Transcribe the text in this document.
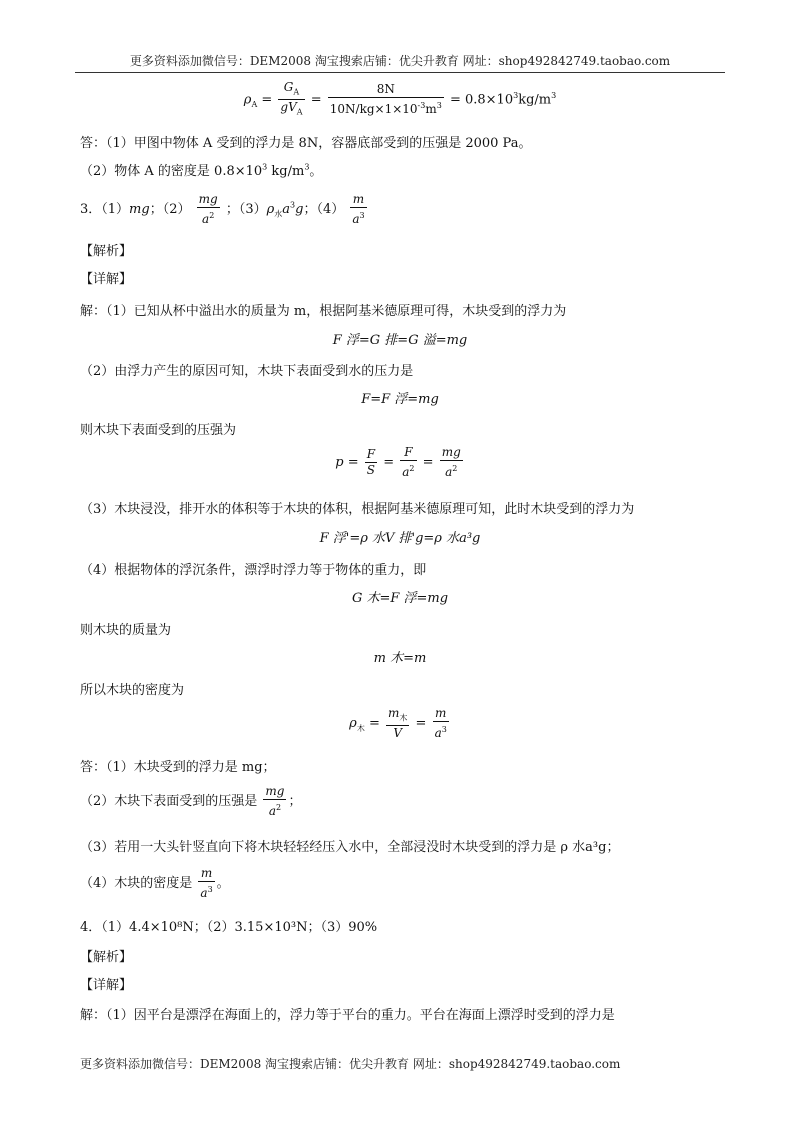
更多资料添加微信号：DEM2008 淘宝搜索店铺：优尖升教育 网址：shop492842749.taobao.com
$\rho_A = \frac{G_A}{gV_A} = \frac{8N}{10N/kg\times 1\times 10^{-3}m^3} = 0.8\times 10^3kg/m^3$
答：（1）甲图中物体 A 受到的浮力是 8N，容器底部受到的压强是 2000 Pa。
（2）物体 A 的密度是 $0.8\times 10^3$ $kg/m^3$。
3．（1）mg；$(2) \frac{mg}{a^2}$ ；$(3)\rho_水a^3g$；$(4) \frac{m}{a^3}$
【解析】
【详解】
解：（1）已知从杯中溢出水的质量为 m，根据阿基米德原理可得，木块受到的浮力为
F 浮=G 排=G 溢=mg
（2）由浮力产生的原因可知，木块下表面受到水的压力是
F=F 浮=mg
则木块下表面受到的压强为
$p = \frac{F}{S} = \frac{F}{a^2} = \frac{mg}{a^2}$
（3）木块浸没，排开水的体积等于木块的体积，根据阿基米德原理可知，此时木块受到的浮力为
F 浮'=ρ 水V 排'g=ρ 水a³g
（4）根据物体的浮沉条件，漂浮时浮力等于物体的重力，即
G 木=F 浮=mg
则木块的质量为
m 木=m
所以木块的密度为
$\rho_木 = \frac{m_木}{V} = \frac{m}{a^3}$
答：（1）木块受到的浮力是 mg；
（2）木块下表面受到的压强是 $\frac{mg}{a^2}$ ；
（3）若用一大头针竖直向下将木块轻轻经压入水中，全部浸没时木块受到的浮力是 ρ 水a³g；
（4）木块的密度是 $\frac{m}{a^3}$ 。
4．（1）4.4×10⁸N；（2）3.15×10³N；（3）90%
【解析】
【详解】
解：（1）因平台是漂浮在海面上的，浮力等于平台的重力。平台在海面上漂浮时受到的浮力是
更多资料添加微信号：DEM2008 淘宝搜索店铺：优尖升教育 网址：shop492842749.taobao.com
